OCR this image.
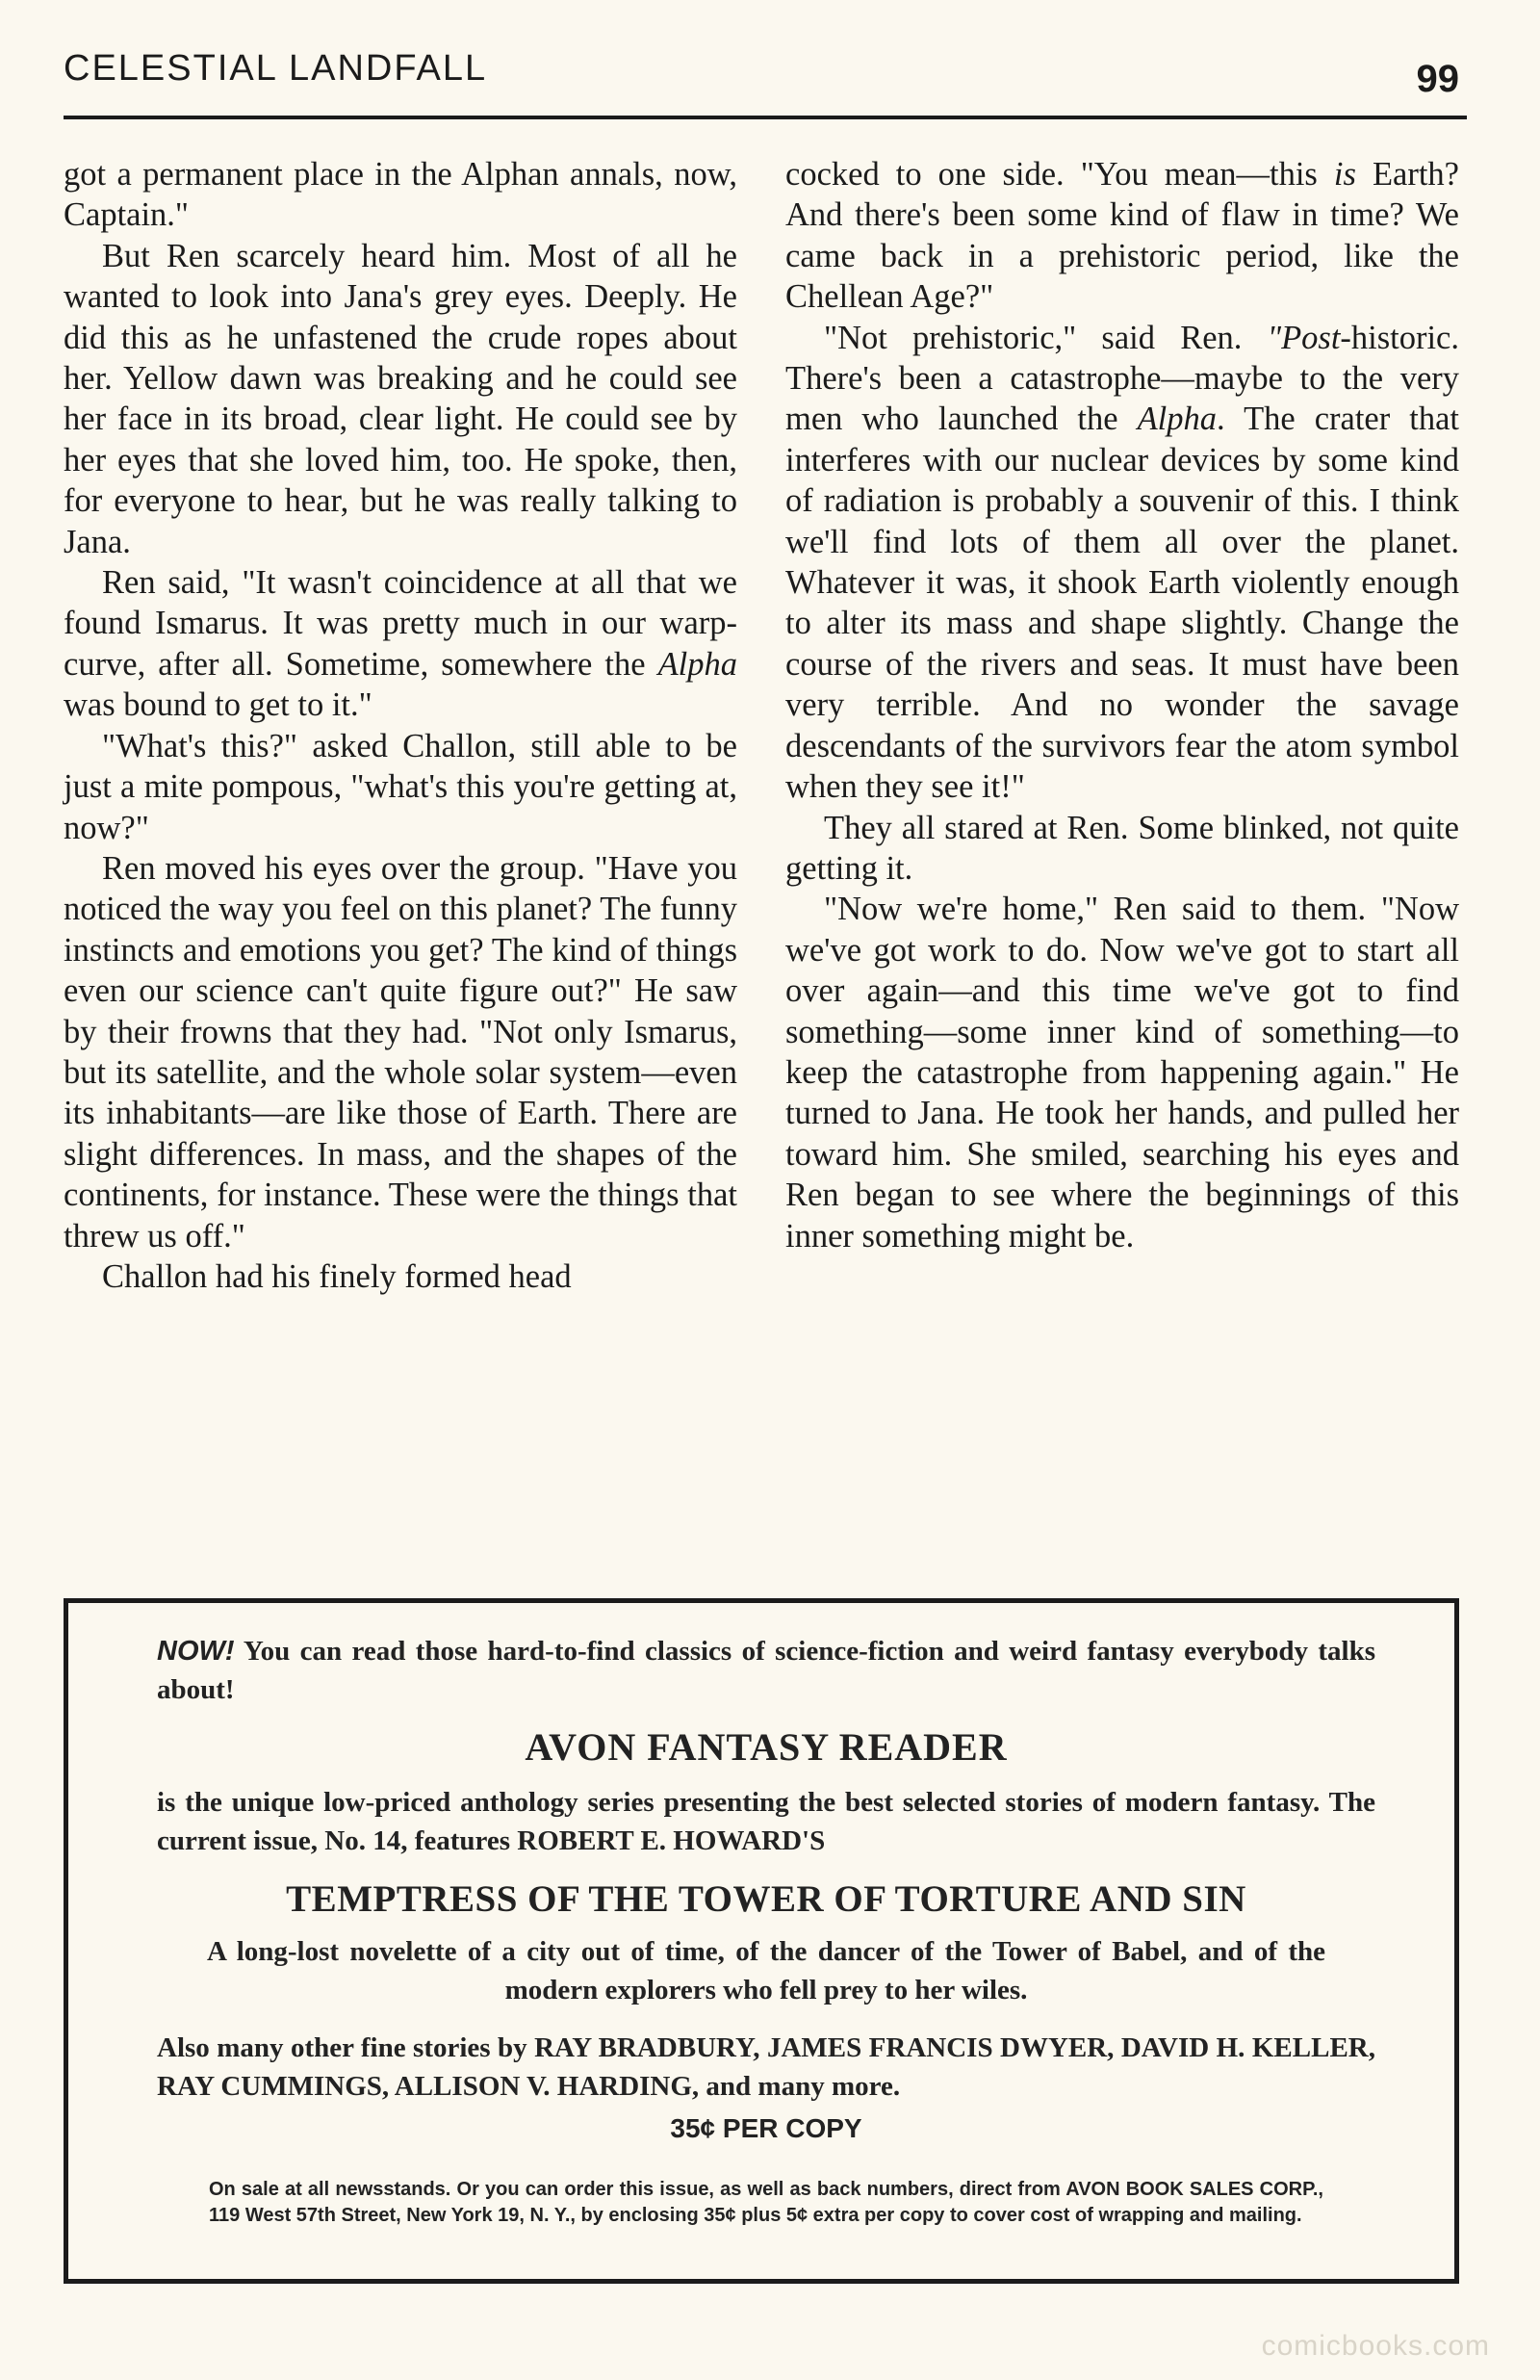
CELESTIAL LANDFALL	99

got a permanent place in the Alphan annals, now, Captain."

But Ren scarcely heard him. Most of all he wanted to look into Jana's grey eyes. Deeply. He did this as he unfastened the crude ropes about her. Yellow dawn was breaking and he could see her face in its broad, clear light. He could see by her eyes that she loved him, too. He spoke, then, for everyone to hear, but he was really talking to Jana.

Ren said, "It wasn't coincidence at all that we found Ismarus. It was pretty much in our warp-curve, after all. Sometime, somewhere the Alpha was bound to get to it."

"What's this?" asked Challon, still able to be just a mite pompous, "what's this you're getting at, now?"

Ren moved his eyes over the group. "Have you noticed the way you feel on this planet? The funny instincts and emotions you get? The kind of things even our science can't quite figure out?" He saw by their frowns that they had. "Not only Ismarus, but its satellite, and the whole solar system—even its inhabitants—are like those of Earth. There are slight differences. In mass, and the shapes of the continents, for instance. These were the things that threw us off."

Challon had his finely formed head

cocked to one side. "You mean—this is Earth? And there's been some kind of flaw in time? We came back in a prehistoric period, like the Chellean Age?"

"Not prehistoric," said Ren. "Post-historic. There's been a catastrophe—maybe to the very men who launched the Alpha. The crater that interferes with our nuclear devices by some kind of radiation is probably a souvenir of this. I think we'll find lots of them all over the planet. Whatever it was, it shook Earth violently enough to alter its mass and shape slightly. Change the course of the rivers and seas. It must have been very terrible. And no wonder the savage descendants of the survivors fear the atom symbol when they see it!"

They all stared at Ren. Some blinked, not quite getting it.

"Now we're home," Ren said to them. "Now we've got work to do. Now we've got to start all over again—and this time we've got to find something—some inner kind of something—to keep the catastrophe from happening again." He turned to Jana. He took her hands, and pulled her toward him. She smiled, searching his eyes and Ren began to see where the beginnings of this inner something might be.

NOW! You can read those hard-to-find classics of science-fiction and weird fantasy everybody talks about!

AVON FANTASY READER

is the unique low-priced anthology series presenting the best selected stories of modern fantasy. The current issue, No. 14, features ROBERT E. HOWARD'S

TEMPTRESS OF THE TOWER OF TORTURE AND SIN

A long-lost novelette of a city out of time, of the dancer of the Tower of Babel, and of the modern explorers who fell prey to her wiles.

Also many other fine stories by RAY BRADBURY, JAMES FRANCIS DWYER, DAVID H. KELLER, RAY CUMMINGS, ALLISON V. HARDING, and many more.

35¢ PER COPY

On sale at all newsstands. Or you can order this issue, as well as back numbers, direct from AVON BOOK SALES CORP., 119 West 57th Street, New York 19, N. Y., by enclosing 35¢ plus 5¢ extra per copy to cover cost of wrapping and mailing.

comicbooks.com
